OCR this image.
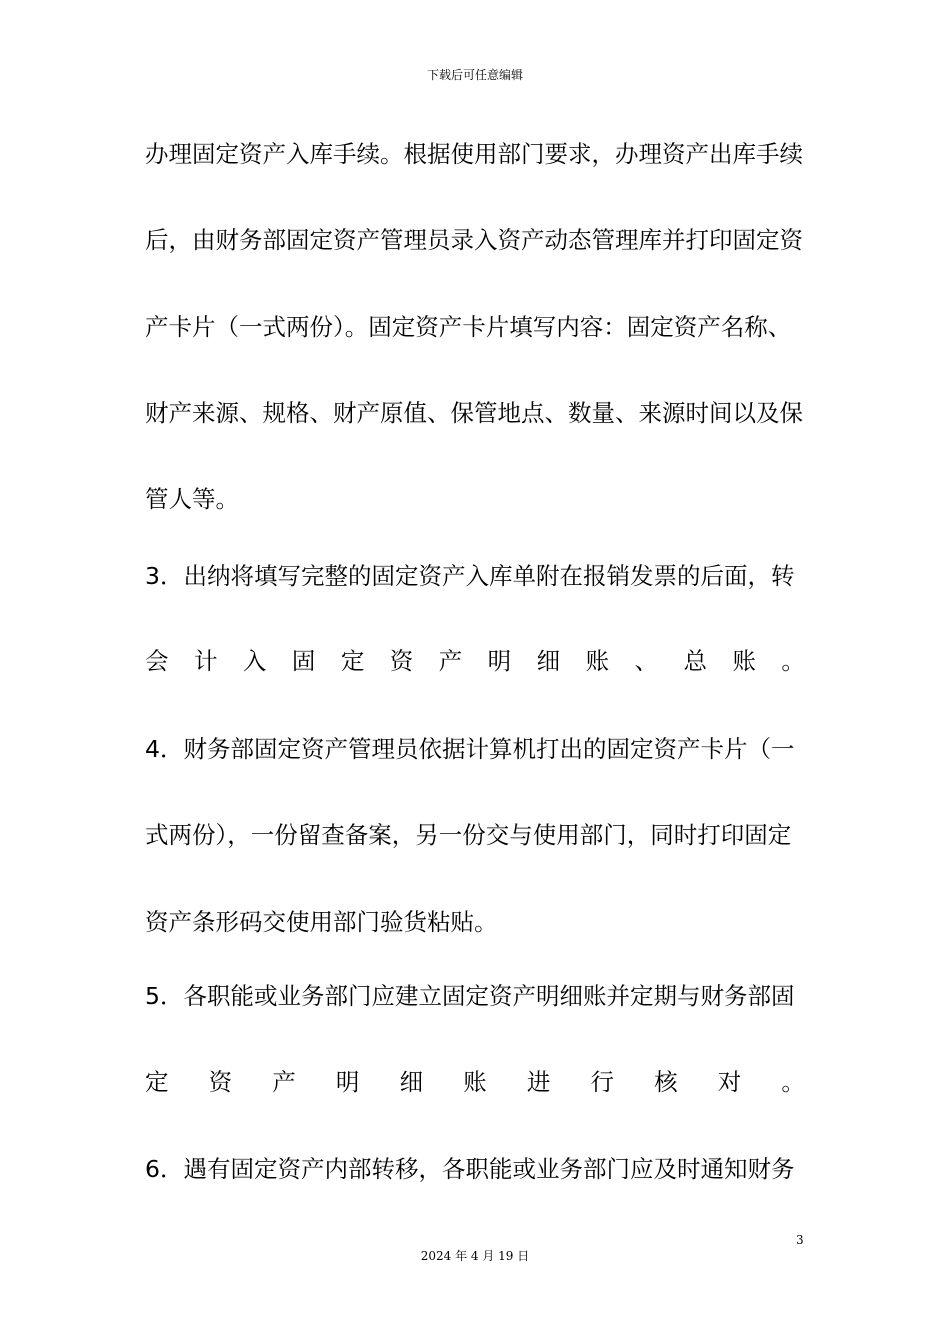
下载后可任意编辑
办理固定资产入库手续。根据使用部门要求，办理资产出库手续
后，由财务部固定资产管理员录入资产动态管理库并打印固定资
产卡片（一式两份）。固定资产卡片填写内容：固定资产名称、
财产来源、规格、财产原值、保管地点、数量、来源时间以及保
管人等。
3．出纳将填写完整的固定资产入库单附在报销发票的后面，转
会 计 入 固 定 资 产 明 细 账 、 总 账 。
4．财务部固定资产管理员依据计算机打出的固定资产卡片（一
式两份），一份留查备案，另一份交与使用部门，同时打印固定
资产条形码交使用部门验货粘贴。
5．各职能或业务部门应建立固定资产明细账并定期与财务部固
定 资 产 明 细 账 进 行 核 对 。
6．遇有固定资产内部转移，各职能或业务部门应及时通知财务
3
2024 年 4 月 19 日
